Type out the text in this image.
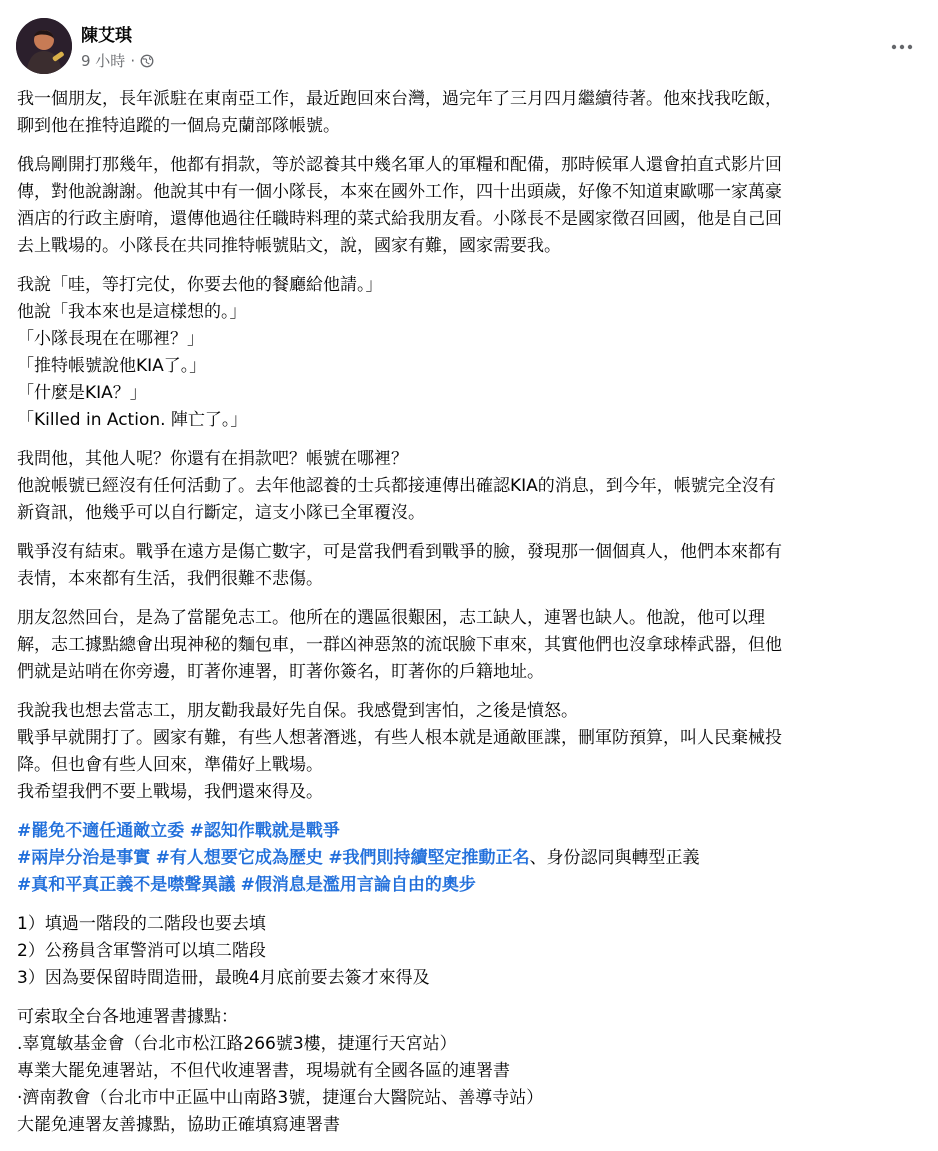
陳艾琪
9 小時 ·
我一個朋友，長年派駐在東南亞工作，最近跑回來台灣，過完年了三月四月繼續待著。他來找我吃飯，
聊到他在推特追蹤的一個烏克蘭部隊帳號。
俄烏剛開打那幾年，他都有捐款，等於認養其中幾名軍人的軍糧和配備，那時候軍人還會拍直式影片回
傳，對他說謝謝。他說其中有一個小隊長，本來在國外工作，四十出頭歲，好像不知道東歐哪一家萬豪
酒店的行政主廚唷，還傳他過往任職時料理的菜式給我朋友看。小隊長不是國家徵召回國，他是自己回
去上戰場的。小隊長在共同推特帳號貼文，說，國家有難，國家需要我。
我說「哇，等打完仗，你要去他的餐廳給他請。」
他說「我本來也是這樣想的。」
「小隊長現在在哪裡？」
「推特帳號說他KIA了。」
「什麼是KIA？」
「Killed in Action. 陣亡了。」
我問他，其他人呢？你還有在捐款吧？帳號在哪裡？
他說帳號已經沒有任何活動了。去年他認養的士兵都接連傳出確認KIA的消息，到今年，帳號完全沒有
新資訊，他幾乎可以自行斷定，這支小隊已全軍覆沒。
戰爭沒有結束。戰爭在遠方是傷亡數字，可是當我們看到戰爭的臉，發現那一個個真人，他們本來都有
表情，本來都有生活，我們很難不悲傷。
朋友忽然回台，是為了當罷免志工。他所在的選區很艱困，志工缺人，連署也缺人。他說，他可以理
解，志工據點總會出現神秘的麵包車，一群凶神惡煞的流氓臉下車來，其實他們也沒拿球棒武器，但他
們就是站哨在你旁邊，盯著你連署，盯著你簽名，盯著你的戶籍地址。
我說我也想去當志工，朋友勸我最好先自保。我感覺到害怕，之後是憤怒。
戰爭早就開打了。國家有難，有些人想著潛逃，有些人根本就是通敵匪諜，刪軍防預算，叫人民棄械投
降。但也會有些人回來，準備好上戰場。
我希望我們不要上戰場，我們還來得及。
#罷免不適任通敵立委 #認知作戰就是戰爭
#兩岸分治是事實 #有人想要它成為歷史 #我們則持續堅定推動正名、身份認同與轉型正義
#真和平真正義不是噤聲異議 #假消息是濫用言論自由的奧步
1）填過一階段的二階段也要去填
2）公務員含軍警消可以填二階段
3）因為要保留時間造冊，最晚4月底前要去簽才來得及
可索取全台各地連署書據點：
.辜寬敏基金會（台北市松江路266號3樓，捷運行天宮站）
專業大罷免連署站，不但代收連署書，現場就有全國各區的連署書
·濟南教會（台北市中正區中山南路3號，捷運台大醫院站、善導寺站）
大罷免連署友善據點，協助正確填寫連署書
